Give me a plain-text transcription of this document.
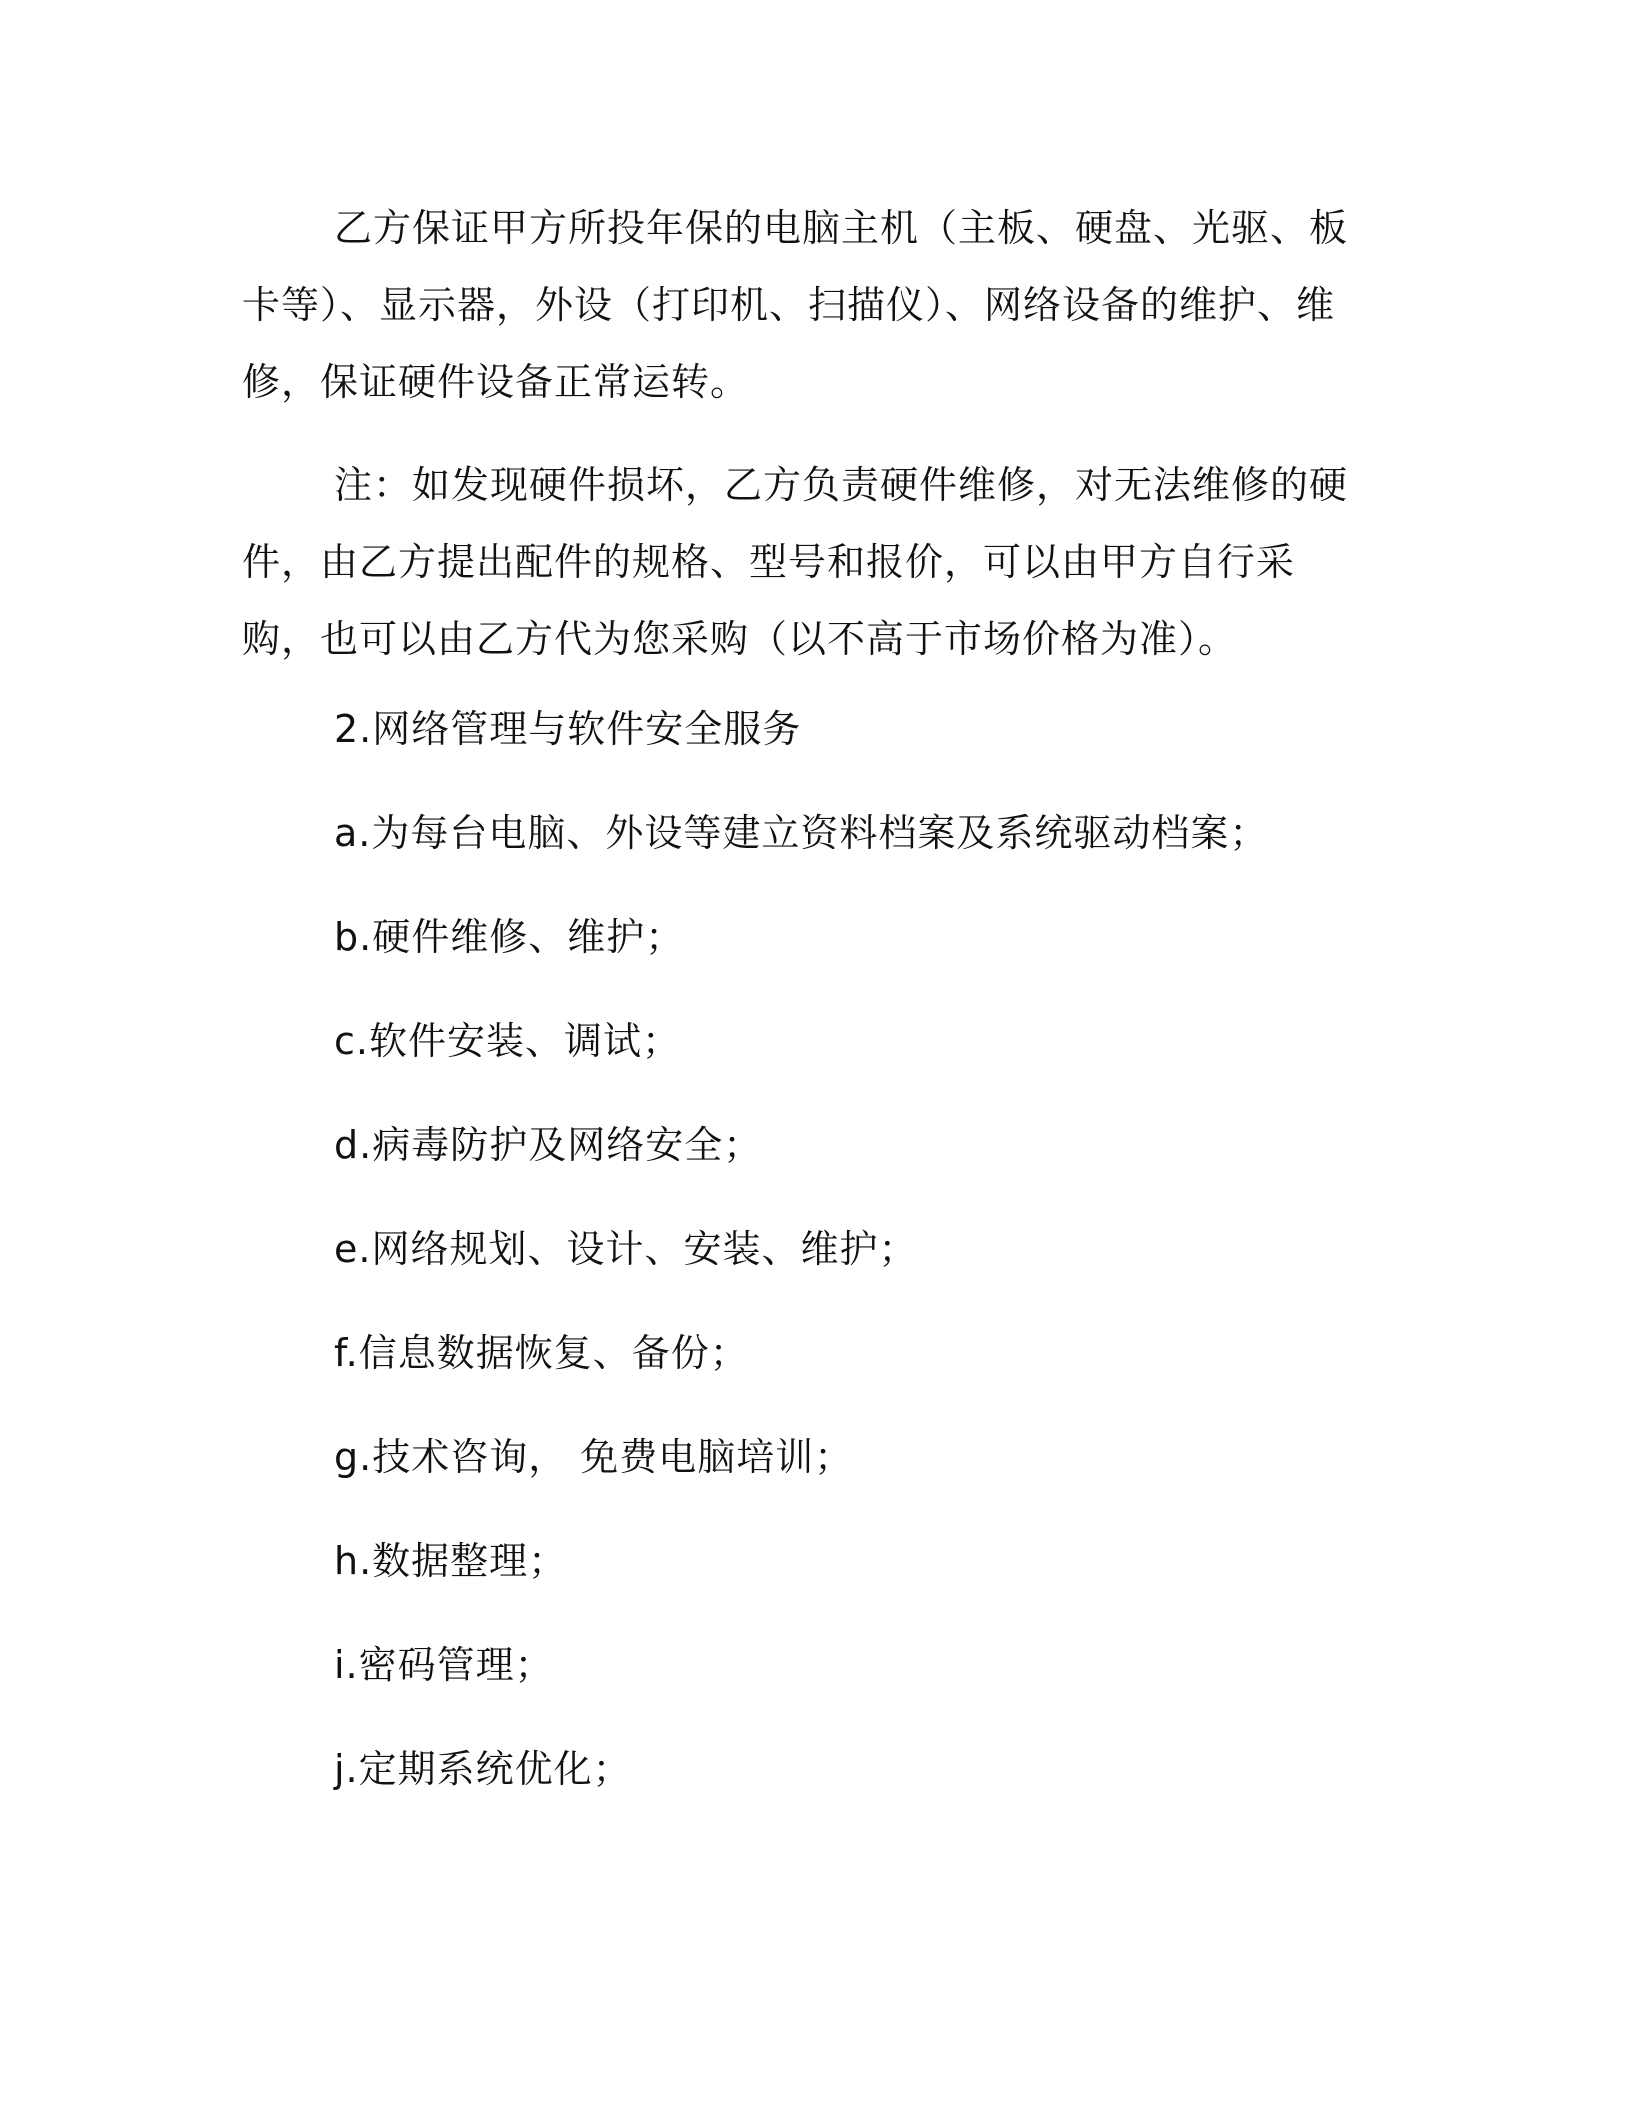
乙方保证甲方所投年保的电脑主机（主板、硬盘、光驱、板卡等）、显示器，外设（打印机、扫描仪）、网络设备的维护、维修，保证硬件设备正常运转。

注：如发现硬件损坏，乙方负责硬件维修，对无法维修的硬件，由乙方提出配件的规格、型号和报价，可以由甲方自行采购，也可以由乙方代为您采购（以不高于市场价格为准）。

2.网络管理与软件安全服务
a.为每台电脑、外设等建立资料档案及系统驱动档案；
b.硬件维修、维护；
c.软件安装、调试；
d.病毒防护及网络安全；
e.网络规划、设计、安装、维护；
f.信息数据恢复、备份；
g.技术咨询， 免费电脑培训；
h.数据整理；
i.密码管理；
j.定期系统优化；
